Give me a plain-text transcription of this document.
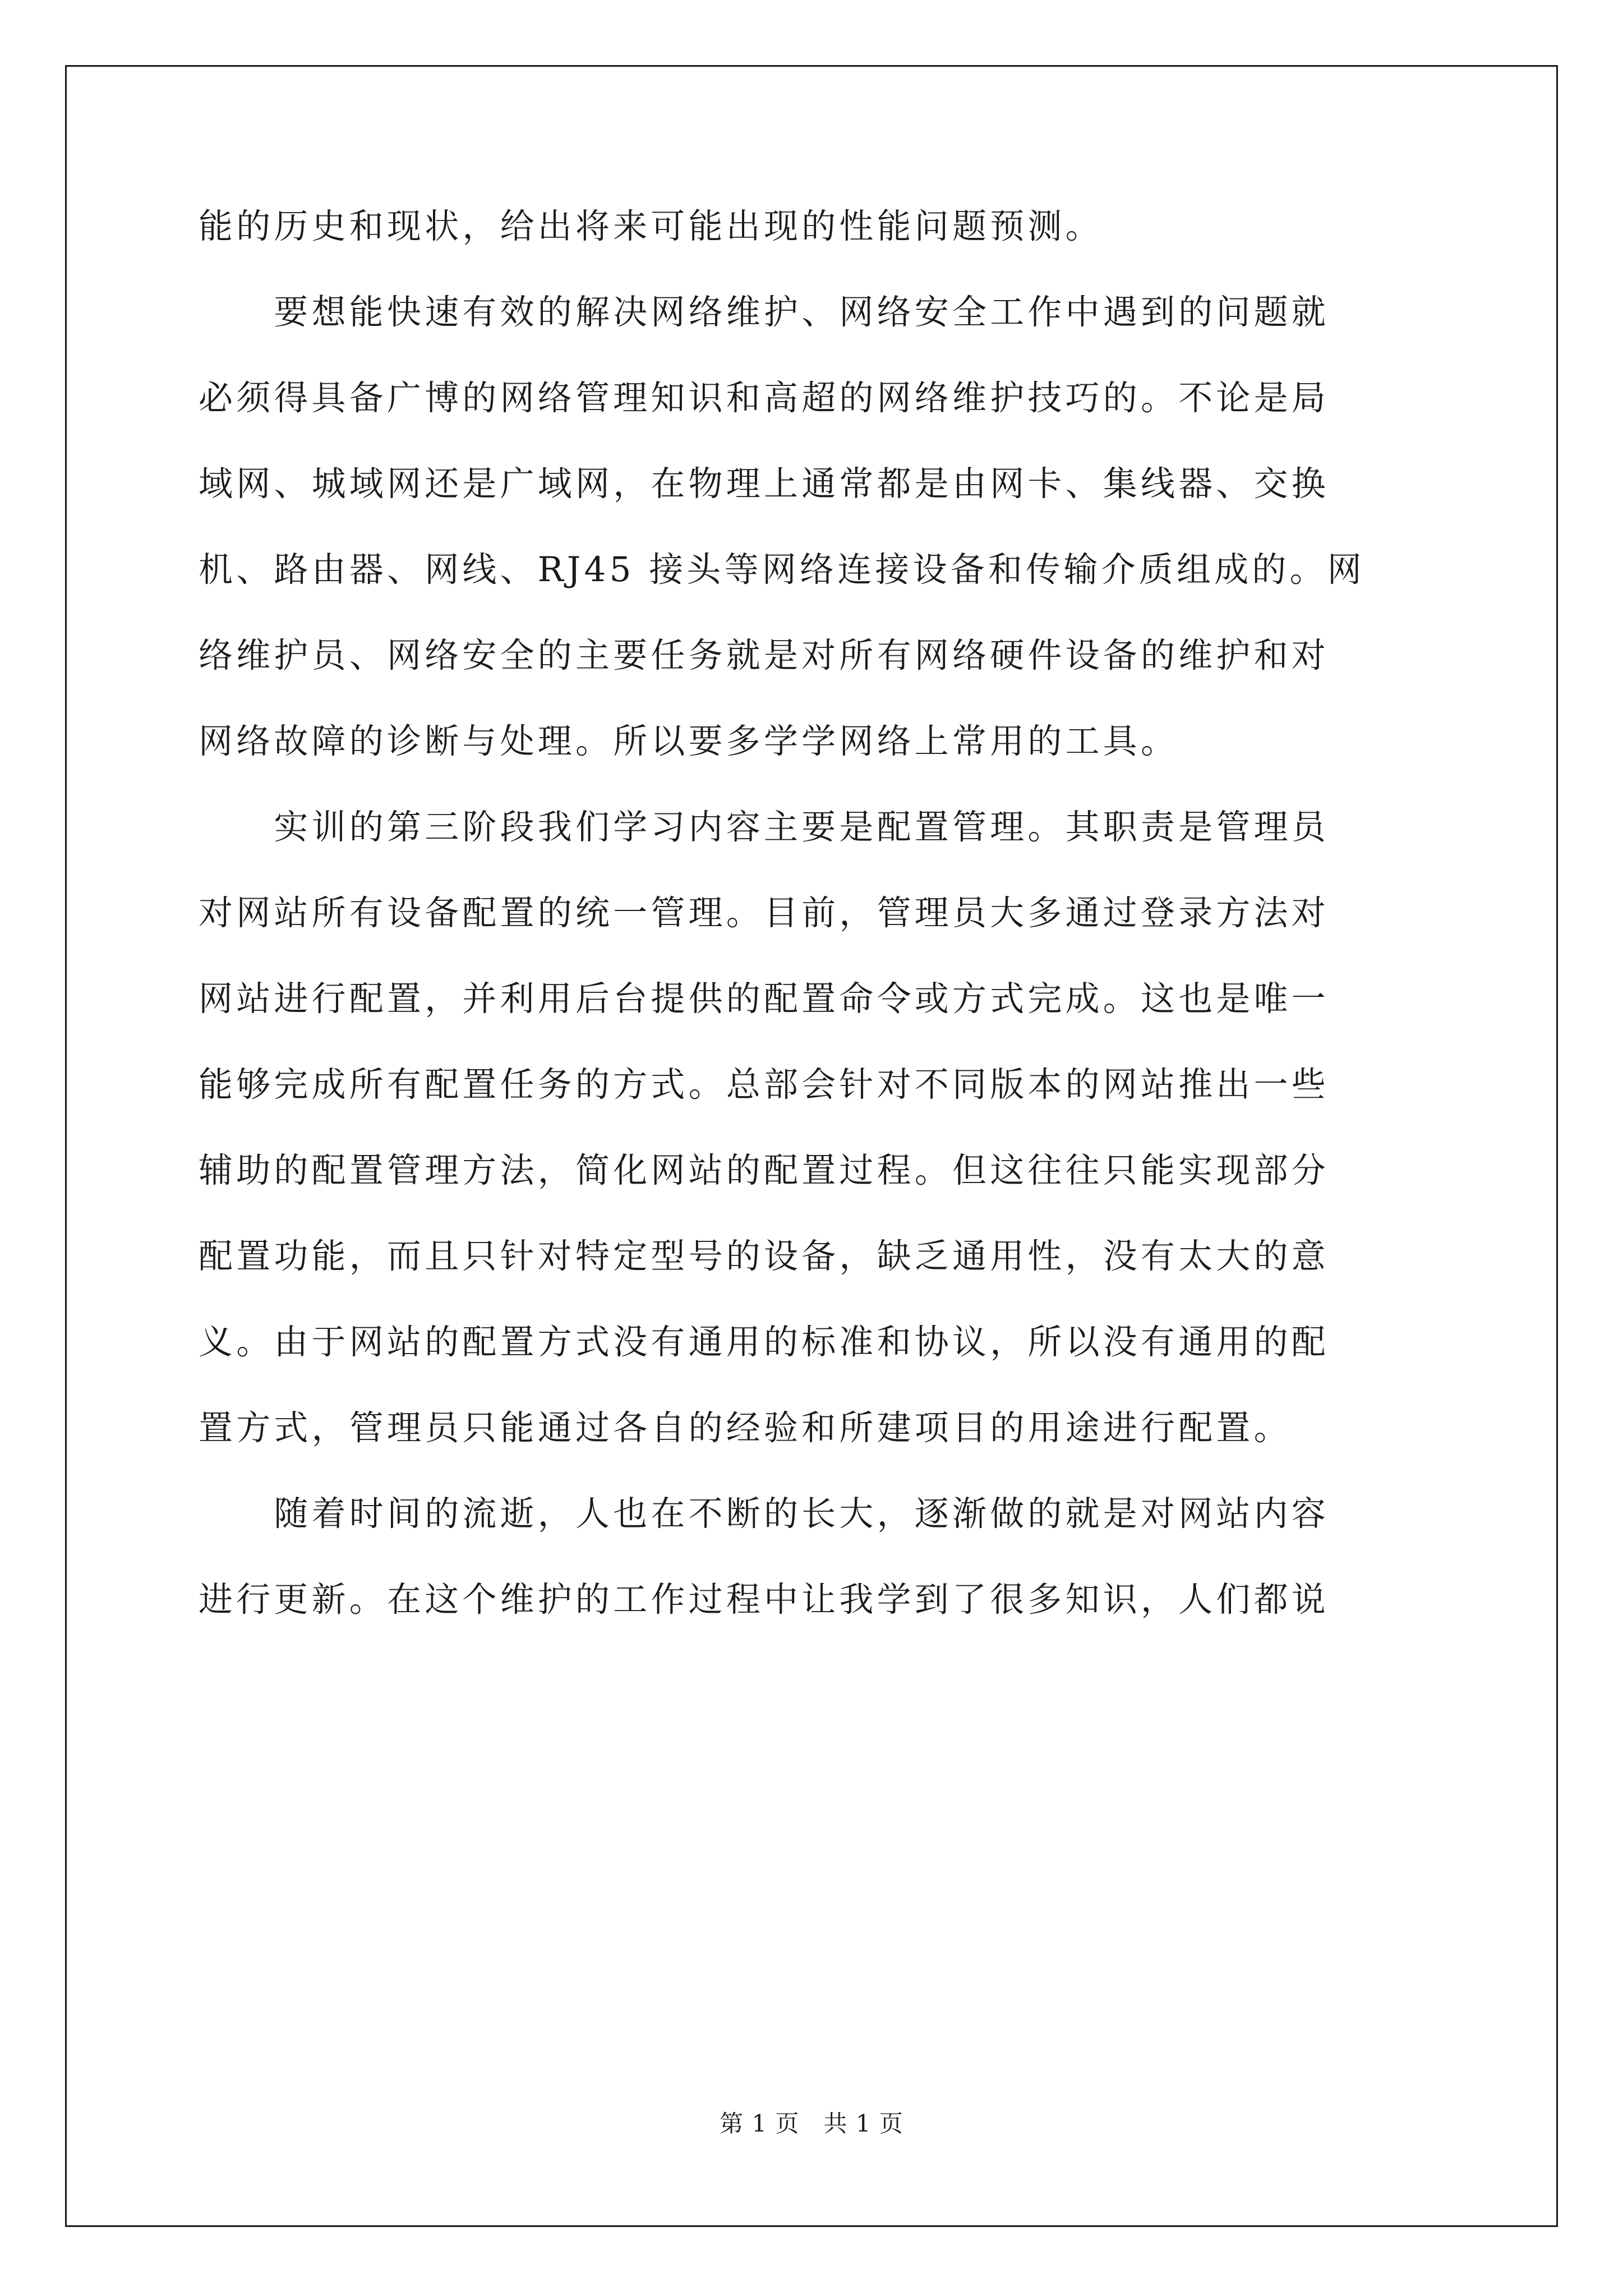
能的历史和现状，给出将来可能出现的性能问题预测。
　　要想能快速有效的解决网络维护、网络安全工作中遇到的问题就
必须得具备广博的网络管理知识和高超的网络维护技巧的。不论是局
域网、城域网还是广域网，在物理上通常都是由网卡、集线器、交换
机、路由器、网线、RJ45 接头等网络连接设备和传输介质组成的。网
络维护员、网络安全的主要任务就是对所有网络硬件设备的维护和对
网络故障的诊断与处理。所以要多学学网络上常用的工具。
　　实训的第三阶段我们学习内容主要是配置管理。其职责是管理员
对网站所有设备配置的统一管理。目前，管理员大多通过登录方法对
网站进行配置，并利用后台提供的配置命令或方式完成。这也是唯一
能够完成所有配置任务的方式。总部会针对不同版本的网站推出一些
辅助的配置管理方法，简化网站的配置过程。但这往往只能实现部分
配置功能，而且只针对特定型号的设备，缺乏通用性，没有太大的意
义。由于网站的配置方式没有通用的标准和协议，所以没有通用的配
置方式，管理员只能通过各自的经验和所建项目的用途进行配置。
　　随着时间的流逝，人也在不断的长大，逐渐做的就是对网站内容
进行更新。在这个维护的工作过程中让我学到了很多知识，人们都说
第 1 页　共 1 页
